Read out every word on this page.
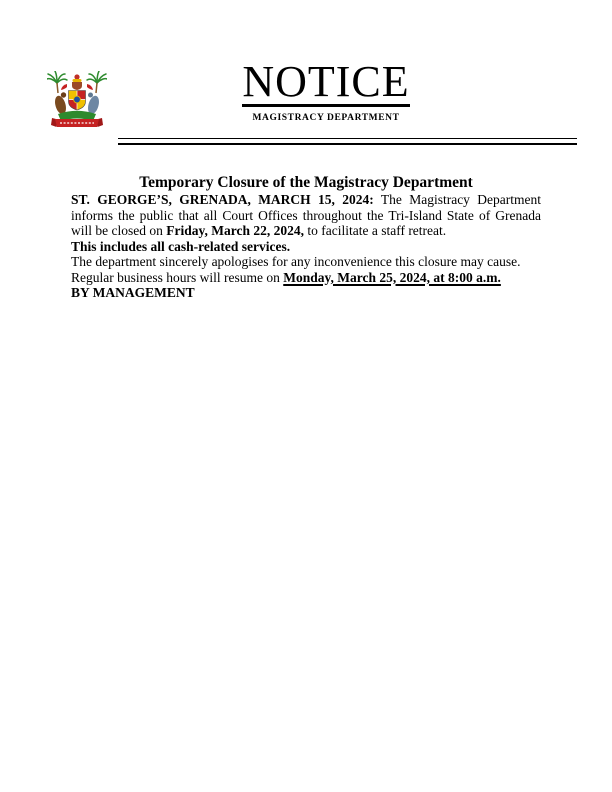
NOTICE
MAGISTRACY DEPARTMENT
Temporary Closure of the Magistracy Department

ST. GEORGE’S, GRENADA, MARCH 15, 2024: The Magistracy Department informs the public that all Court Offices throughout the Tri-Island State of Grenada will be closed on Friday, March 22, 2024, to facilitate a staff retreat.

This includes all cash-related services.

The department sincerely apologises for any inconvenience this closure may cause.

Regular business hours will resume on Monday, March 25, 2024, at 8:00 a.m.

BY MANAGEMENT
